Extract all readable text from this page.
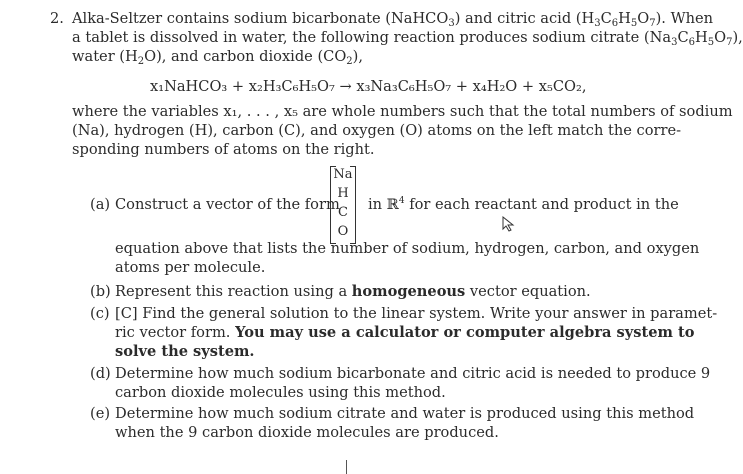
2. Alka-Seltzer contains sodium bicarbonate (NaHCO$_3$) and citric acid $(H_3C_6H_5O_7)$. When
a tablet is dissolved in water, the following reaction produces sodium citrate $(Na_3C_6H_5O_7)$,
water $(H_2O)$, and carbon dioxide $(CO_2)$,
x₁NaHCO₃ + x₂H₃C₆H₅O₇ → x₃Na₃C₆H₅O₇ + x₄H₂O + x₅CO₂,
where the variables x₁, . . . , x₅ are whole numbers such that the total numbers of sodium
(Na), hydrogen (H), carbon (C), and oxygen (O) atoms on the left match the corre-
sponding numbers of atoms on the right.
(a) Construct a vector of the form
Na
H
C
O
in ℝ$^4$ for each reactant and product in the
equation above that lists the number of sodium, hydrogen, carbon, and oxygen
atoms per molecule.
(b) Represent this reaction using a homogeneous vector equation.
(c) [C] Find the general solution to the linear system. Write your answer in paramet-
ric vector form. You may use a calculator or computer algebra system to
solve the system.
(d) Determine how much sodium bicarbonate and citric acid is needed to produce 9
carbon dioxide molecules using this method.
(e) Determine how much sodium citrate and water is produced using this method
when the 9 carbon dioxide molecules are produced.
